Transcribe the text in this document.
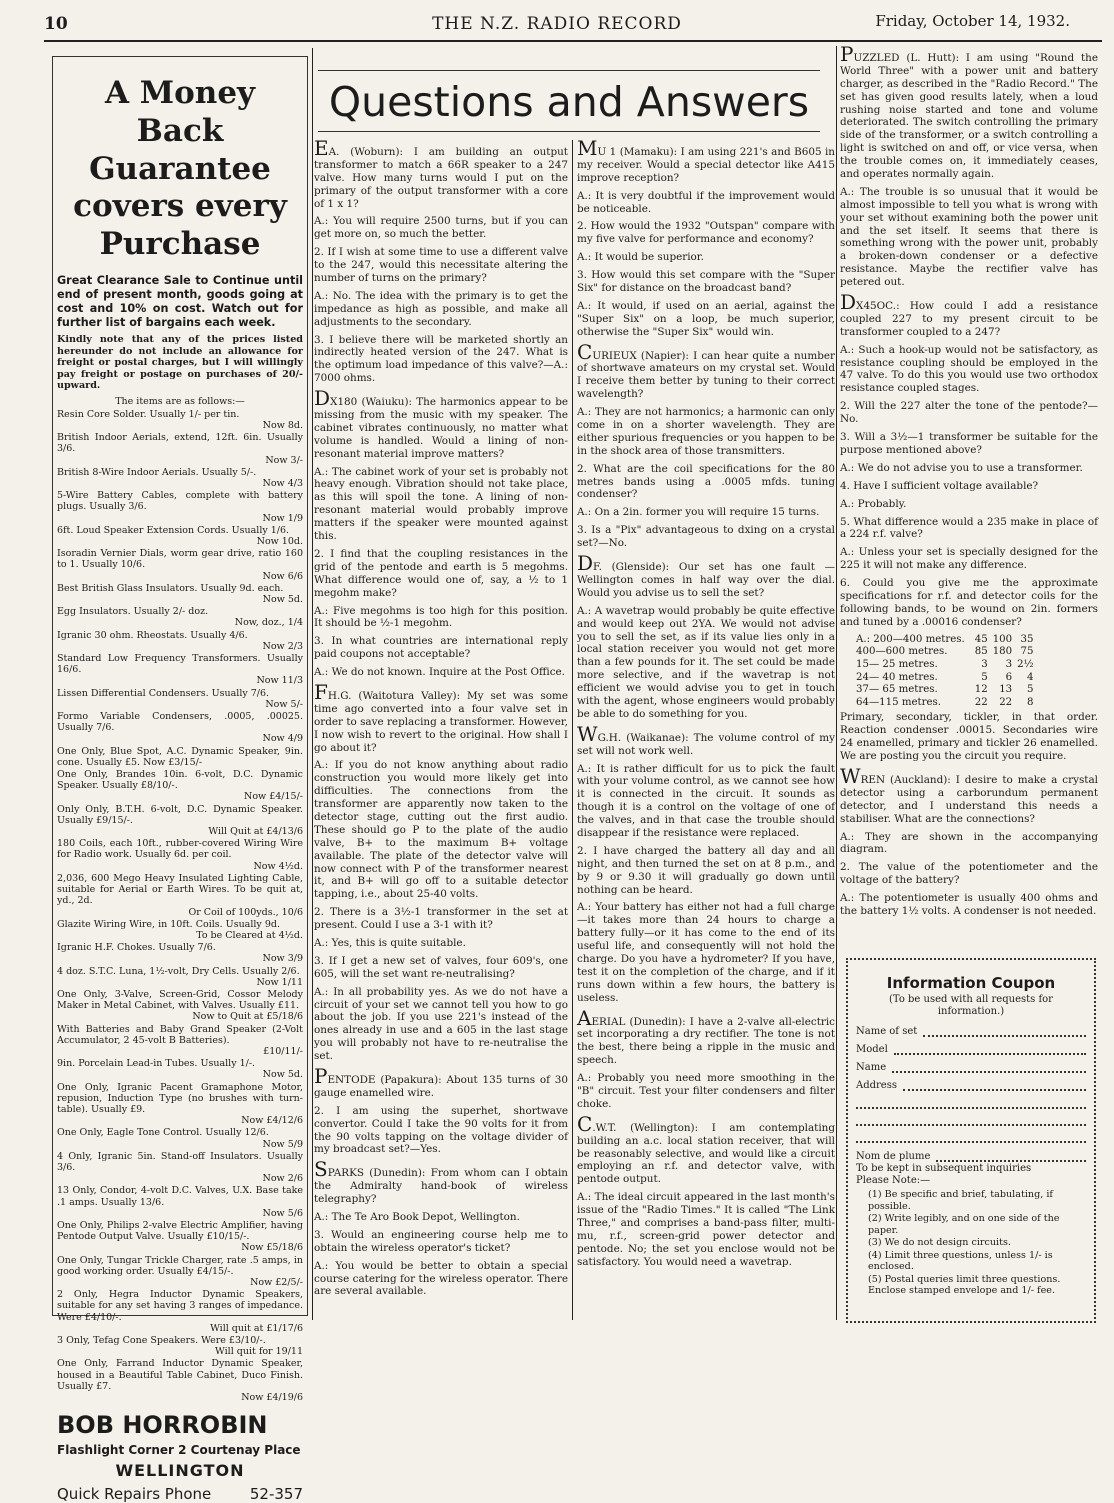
10	THE N.Z. RADIO RECORD	Friday, October 14, 1932.
A Money Back
Guarantee
covers every
Purchase

Great Clearance Sale to Continue until end of present month, goods going at cost and 10% on cost. Watch out for further list of bargains each week.

Kindly note that any of the prices listed hereunder do not include an allowance for freight or postal charges, but I will willingly pay freight or postage on purchases of 20/- upward.

The items are as follows:—

Resin Core Solder. Usually 1/- per tin.
Now 8d.
British Indoor Aerials, extend, 12ft. 6in. Usually 3/6.
Now 3/-
British 8-Wire Indoor Aerials. Usually 5/-.
Now 4/3
5-Wire Battery Cables, complete with battery plugs. Usually 3/6.
Now 1/9
6ft. Loud Speaker Extension Cords. Usually 1/6.
Now 10d.
Isoradin Vernier Dials, worm gear drive, ratio 160 to 1. Usually 10/6.
Now 6/6
Best British Glass Insulators. Usually 9d. each.
Now 5d.
Egg Insulators. Usually 2/- doz.
Now, doz., 1/4
Igranic 30 ohm. Rheostats. Usually 4/6.
Now 2/3
Standard Low Frequency Transformers. Usually 16/6.
Now 11/3
Lissen Differential Condensers. Usually 7/6.
Now 5/-
Formo Variable Condensers, .0005, .00025. Usually 7/6.
Now 4/9
One Only, Blue Spot, A.C. Dynamic Speaker, 9in. cone. Usually £5. Now £3/15/-
One Only, Brandes 10in. 6-volt, D.C. Dynamic Speaker. Usually £8/10/-.
Now £4/15/-
Only Only, B.T.H. 6-volt, D.C. Dynamic Speaker. Usually £9/15/-.
Will Quit at £4/13/6
180 Coils, each 10ft., rubber-covered Wiring Wire for Radio work. Usually 6d. per coil.
Now 4½d.
2,036, 600 Mego Heavy Insulated Lighting Cable, suitable for Aerial or Earth Wires. To be quit at, yd., 2d.
Or Coil of 100yds., 10/6
Glazite Wiring Wire, in 10ft. Coils. Usually 9d.
To be Cleared at 4½d.
Igranic H.F. Chokes. Usually 7/6.
Now 3/9
4 doz. S.T.C. Luna, 1½-volt, Dry Cells. Usually 2/6.
Now 1/11
One Only, 3-Valve, Screen-Grid, Cossor Melody Maker in Metal Cabinet, with Valves. Usually £11.
Now to Quit at £5/18/6
With Batteries and Baby Grand Speaker (2-Volt Accumulator, 2 45-volt B Batteries).
£10/11/-
9in. Porcelain Lead-in Tubes. Usually 1/-.
Now 5d.
One Only, Igranic Pacent Gramaphone Motor, repusion, Induction Type (no brushes with turn-table). Usually £9.
Now £4/12/6
One Only, Eagle Tone Control. Usually 12/6.
Now 5/9
4 Only, Igranic 5in. Stand-off Insulators. Usually 3/6.
Now 2/6
13 Only, Condor, 4-volt D.C. Valves, U.X. Base take .1 amps. Usually 13/6.
Now 5/6
One Only, Philips 2-valve Electric Amplifier, having Pentode Output Valve. Usually £10/15/-.
Now £5/18/6
One Only, Tungar Trickle Charger, rate .5 amps, in good working order. Usually £4/15/-.
Now £2/5/-
2 Only, Hegra Inductor Dynamic Speakers, suitable for any set having 3 ranges of impedance. Were £4/10/-.
Will quit at £1/17/6
3 Only, Tefag Cone Speakers. Were £3/10/-.
Will quit for 19/11
One Only, Farrand Inductor Dynamic Speaker, housed in a Beautiful Table Cabinet, Duco Finish. Usually £7.
Now £4/19/6
BOB HORROBIN
Flashlight Corner 2 Courtenay Place
WELLINGTON
Quick Repairs Phone	52-357
Questions and Answers

EA. (Woburn): I am building an output transformer to match a 66R speaker to a 247 valve. How many turns would I put on the primary of the output transformer with a core of 1 x 1?

A.: You will require 2500 turns, but if you can get more on, so much the better.

2. If I wish at some time to use a different valve to the 247, would this necessitate altering the number of turns on the primary?

A.: No. The idea with the primary is to get the impedance as high as possible, and make all adjustments to the secondary.

3. I believe there will be marketed shortly an indirectly heated version of the 247. What is the optimum load impedance of this valve?—A.: 7000 ohms.

DX180 (Waiuku): The harmonics appear to be missing from the music with my speaker. The cabinet vibrates continuously, no matter what volume is handled. Would a lining of non-resonant material improve matters?

A.: The cabinet work of your set is probably not heavy enough. Vibration should not take place, as this will spoil the tone. A lining of non-resonant material would probably improve matters if the speaker were mounted against this.

2. I find that the coupling resistances in the grid of the pentode and earth is 5 megohms. What difference would one of, say, a ½ to 1 megohm make?

A.: Five megohms is too high for this position. It should be ½-1 megohm.

3. In what countries are international reply paid coupons not acceptable?

A.: We do not known. Inquire at the Post Office.

FH.G. (Waitotura Valley): My set was some time ago converted into a four valve set in order to save replacing a transformer. However, I now wish to revert to the original. How shall I go about it?

A.: If you do not know anything about radio construction you would more likely get into difficulties. The connections from the transformer are apparently now taken to the detector stage, cutting out the first audio. These should go P to the plate of the audio valve, B+ to the maximum B+ voltage available. The plate of the detector valve will now connect with P of the transformer nearest it, and B+ will go off to a suitable detector tapping, i.e., about 25-40 volts.

2. There is a 3½-1 transformer in the set at present. Could I use a 3-1 with it?

A.: Yes, this is quite suitable.

3. If I get a new set of valves, four 609's, one 605, will the set want re-neutralising?

A.: In all probability yes. As we do not have a circuit of your set we cannot tell you how to go about the job. If you use 221's instead of the ones already in use and a 605 in the last stage you will probably not have to re-neutralise the set.

PENTODE (Papakura): About 135 turns of 30 gauge enamelled wire.

2. I am using the superhet, shortwave convertor. Could I take the 90 volts for it from the 90 volts tapping on the voltage divider of my broadcast set?—Yes.

SPARKS (Dunedin): From whom can I obtain the Admiralty hand-book of wireless telegraphy?

A.: The Te Aro Book Depot, Wellington.

3. Would an engineering course help me to obtain the wireless operator's ticket?

A.: You would be better to obtain a special course catering for the wireless operator. There are several available.

MU 1 (Mamaku): I am using 221's and B605 in my receiver. Would a special detector like A415 improve reception?

A.: It is very doubtful if the improvement would be noticeable.

2. How would the 1932 "Outspan" compare with my five valve for performance and economy?

A.: It would be superior.

3. How would this set compare with the "Super Six" for distance on the broadcast band?

A.: It would, if used on an aerial, against the "Super Six" on a loop, be much superior, otherwise the "Super Six" would win.

CURIEUX (Napier): I can hear quite a number of shortwave amateurs on my crystal set. Would I receive them better by tuning to their correct wavelength?

A.: They are not harmonics; a harmonic can only come in on a shorter wavelength. They are either spurious frequencies or you happen to be in the shock area of those transmitters.

2. What are the coil specifications for the 80 metres bands using a .0005 mfds. tuning condenser?

A.: On a 2in. former you will require 15 turns.

3. Is a "Pix" advantageous to dxing on a crystal set?—No.

DF. (Glenside): Our set has one fault —Wellington comes in half way over the dial. Would you advise us to sell the set?

A.: A wavetrap would probably be quite effective and would keep out 2YA. We would not advise you to sell the set, as if its value lies only in a local station receiver you would not get more than a few pounds for it. The set could be made more selective, and if the wavetrap is not efficient we would advise you to get in touch with the agent, whose engineers would probably be able to do something for you.

WG.H. (Waikanae): The volume control of my set will not work well.

A.: It is rather difficult for us to pick the fault with your volume control, as we cannot see how it is connected in the circuit. It sounds as though it is a control on the voltage of one of the valves, and in that case the trouble should disappear if the resistance were replaced.

2. I have charged the battery all day and all night, and then turned the set on at 8 p.m., and by 9 or 9.30 it will gradually go down until nothing can be heard.

A.: Your battery has either not had a full charge—it takes more than 24 hours to charge a battery fully—or it has come to the end of its useful life, and consequently will not hold the charge. Do you have a hydrometer? If you have, test it on the completion of the charge, and if it runs down within a few hours, the battery is useless.

AERIAL (Dunedin): I have a 2-valve all-electric set incorporating a dry rectifier. The tone is not the best, there being a ripple in the music and speech.

A.: Probably you need more smoothing in the "B" circuit. Test your filter condensers and filter choke.

C.W.T. (Wellington): I am contemplating building an a.c. local station receiver, that will be reasonably selective, and would like a circuit employing an r.f. and detector valve, with pentode output.

A.: The ideal circuit appeared in the last month's issue of the "Radio Times." It is called "The Link Three," and comprises a band-pass filter, multi-mu, r.f., screen-grid power detector and pentode. No; the set you enclose would not be satisfactory. You would need a wavetrap.

PUZZLED (L. Hutt): I am using "Round the World Three" with a power unit and battery charger, as described in the "Radio Record." The set has given good results lately, when a loud rushing noise started and tone and volume deteriorated. The switch controlling the primary side of the transformer, or a switch controlling a light is switched on and off, or vice versa, when the trouble comes on, it immediately ceases, and operates normally again.

A.: The trouble is so unusual that it would be almost impossible to tell you what is wrong with your set without examining both the power unit and the set itself. It seems that there is something wrong with the power unit, probably a broken-down condenser or a defective resistance. Maybe the rectifier valve has petered out.

DX45OC.: How could I add a resistance coupled 227 to my present circuit to be transformer coupled to a 247?

A.: Such a hook-up would not be satisfactory, as resistance coupling should be employed in the 47 valve. To do this you would use two orthodox resistance coupled stages.

2. Will the 227 alter the tone of the pentode?—No.

3. Will a 3½—1 transformer be suitable for the purpose mentioned above?

A.: We do not advise you to use a transformer.

4. Have I sufficient voltage available?

A.: Probably.

5. What difference would a 235 make in place of a 224 r.f. valve?

A.: Unless your set is specially designed for the 225 it will not make any difference.

6. Could you give me the approximate specifications for r.f. and detector coils for the following bands, to be wound on 2in. formers and tuned by a .00016 condenser?

A.: 200—400 metres.	45	100	35
400—600 metres.	85	180	75
15— 25 metres.	3	3	2½
24— 40 metres.	5	6	4
37— 65 metres.	12	13	5
64—115 metres.	22	22	8

Primary, secondary, tickler, in that order. Reaction condenser .00015. Secondaries wire 24 enamelled, primary and tickler 26 enamelled. We are posting you the circuit you require.

WREN (Auckland): I desire to make a crystal detector using a carborundum permanent detector, and I understand this needs a stabiliser. What are the connections?

A.: They are shown in the accompanying diagram.

2. The value of the potentiometer and the voltage of the battery?

A.: The potentiometer is usually 400 ohms and the battery 1½ volts. A condenser is not needed.

Information Coupon
(To be used with all requests for information.)
Name of set
Model
Name
Address
Nom de plume
To be kept in subsequent inquiries
Please Note:—
(1) Be specific and brief, tabulating, if possible.
(2) Write legibly, and on one side of the paper.
(3) We do not design circuits.
(4) Limit three questions, unless 1/- is enclosed.
(5) Postal queries limit three questions. Enclose stamped envelope and 1/- fee.
